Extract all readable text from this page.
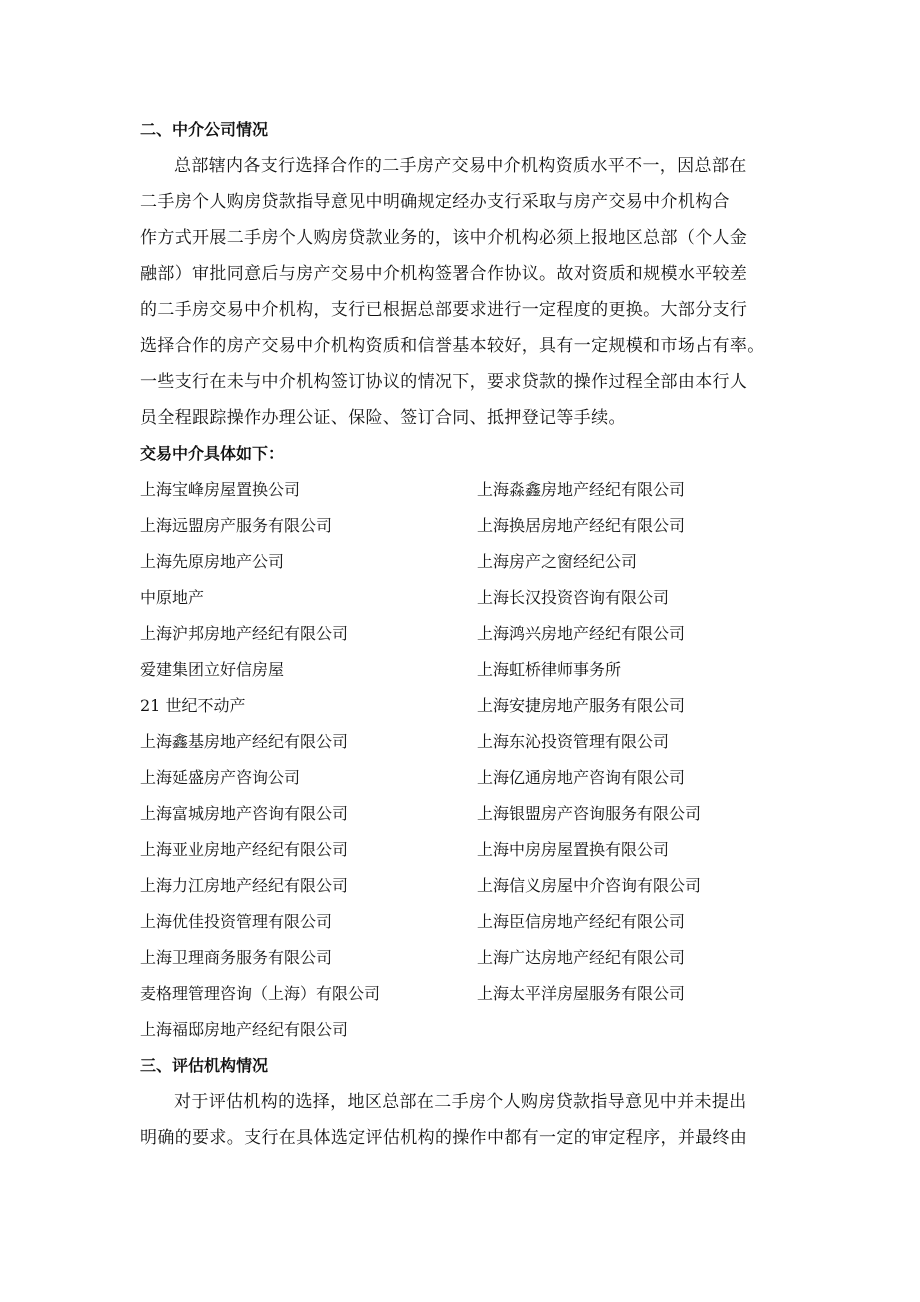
二、中介公司情况
总部辖内各支行选择合作的二手房产交易中介机构资质水平不一，因总部在
二手房个人购房贷款指导意见中明确规定经办支行采取与房产交易中介机构合
作方式开展二手房个人购房贷款业务的，该中介机构必须上报地区总部（个人金
融部）审批同意后与房产交易中介机构签署合作协议。故对资质和规模水平较差
的二手房交易中介机构，支行已根据总部要求进行一定程度的更换。大部分支行
选择合作的房产交易中介机构资质和信誉基本较好，具有一定规模和市场占有率。
一些支行在未与中介机构签订协议的情况下，要求贷款的操作过程全部由本行人
员全程跟踪操作办理公证、保险、签订合同、抵押登记等手续。
交易中介具体如下：
上海宝峰房屋置换公司	上海淼鑫房地产经纪有限公司
上海远盟房产服务有限公司	上海换居房地产经纪有限公司
上海先原房地产公司	上海房产之窗经纪公司
中原地产	上海长汉投资咨询有限公司
上海沪邦房地产经纪有限公司	上海鸿兴房地产经纪有限公司
爱建集团立好信房屋	上海虹桥律师事务所
21 世纪不动产	上海安捷房地产服务有限公司
上海鑫基房地产经纪有限公司	上海东沁投资管理有限公司
上海延盛房产咨询公司	上海亿通房地产咨询有限公司
上海富城房地产咨询有限公司	上海银盟房产咨询服务有限公司
上海亚业房地产经纪有限公司	上海中房房屋置换有限公司
上海力江房地产经纪有限公司	上海信义房屋中介咨询有限公司
上海优佳投资管理有限公司	上海臣信房地产经纪有限公司
上海卫理商务服务有限公司	上海广达房地产经纪有限公司
麦格理管理咨询（上海）有限公司	上海太平洋房屋服务有限公司
上海福邸房地产经纪有限公司
三、评估机构情况
对于评估机构的选择，地区总部在二手房个人购房贷款指导意见中并未提出
明确的要求。支行在具体选定评估机构的操作中都有一定的审定程序，并最终由
